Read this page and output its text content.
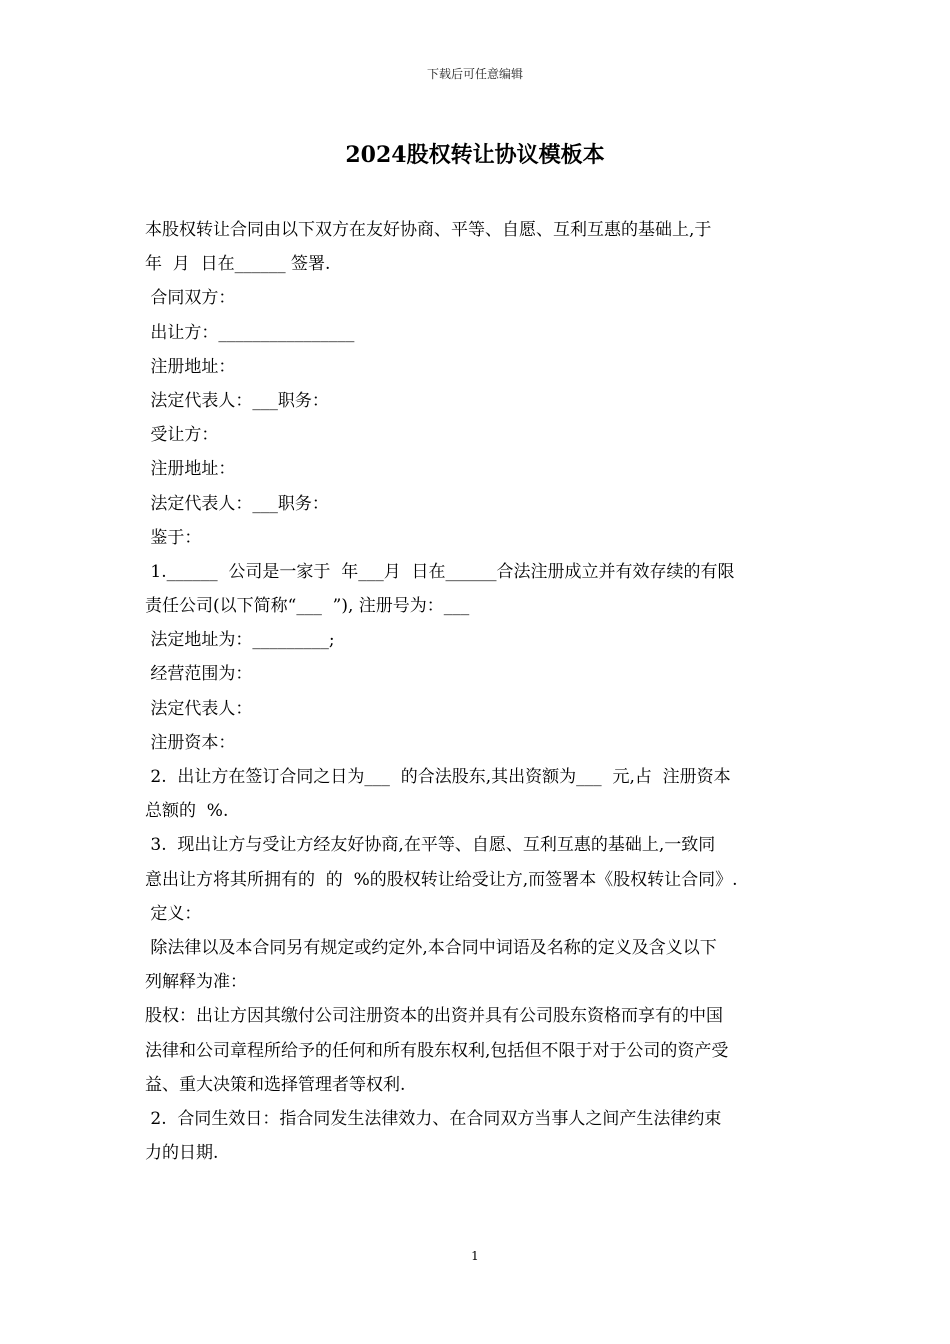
下载后可任意编辑
2024股权转让协议模板本
本股权转让合同由以下双方在友好协商、平等、自愿、互利互惠的基础上,于
年  月  日在______ 签署.
合同双方：
出让方：________________
注册地址：
法定代表人：___职务：
受让方：
注册地址：
法定代表人：___职务：
鉴于：
1.______  公司是一家于  年___月  日在______合法注册成立并有效存续的有限
责任公司(以下简称“___  ”), 注册号为：___
法定地址为：_________;
经营范围为：
法定代表人：
注册资本：
2.  出让方在签订合同之日为___  的合法股东,其出资额为___  元,占  注册资本
总额的  %.
3.  现出让方与受让方经友好协商,在平等、自愿、互利互惠的基础上,一致同
意出让方将其所拥有的  的  %的股权转让给受让方,而签署本《股权转让合同》.
定义：
除法律以及本合同另有规定或约定外,本合同中词语及名称的定义及含义以下
列解释为准：
股权：出让方因其缴付公司注册资本的出资并具有公司股东资格而享有的中国
法律和公司章程所给予的任何和所有股东权利,包括但不限于对于公司的资产受
益、重大决策和选择管理者等权利.
2.  合同生效日：指合同发生法律效力、在合同双方当事人之间产生法律约束
力的日期.
1
